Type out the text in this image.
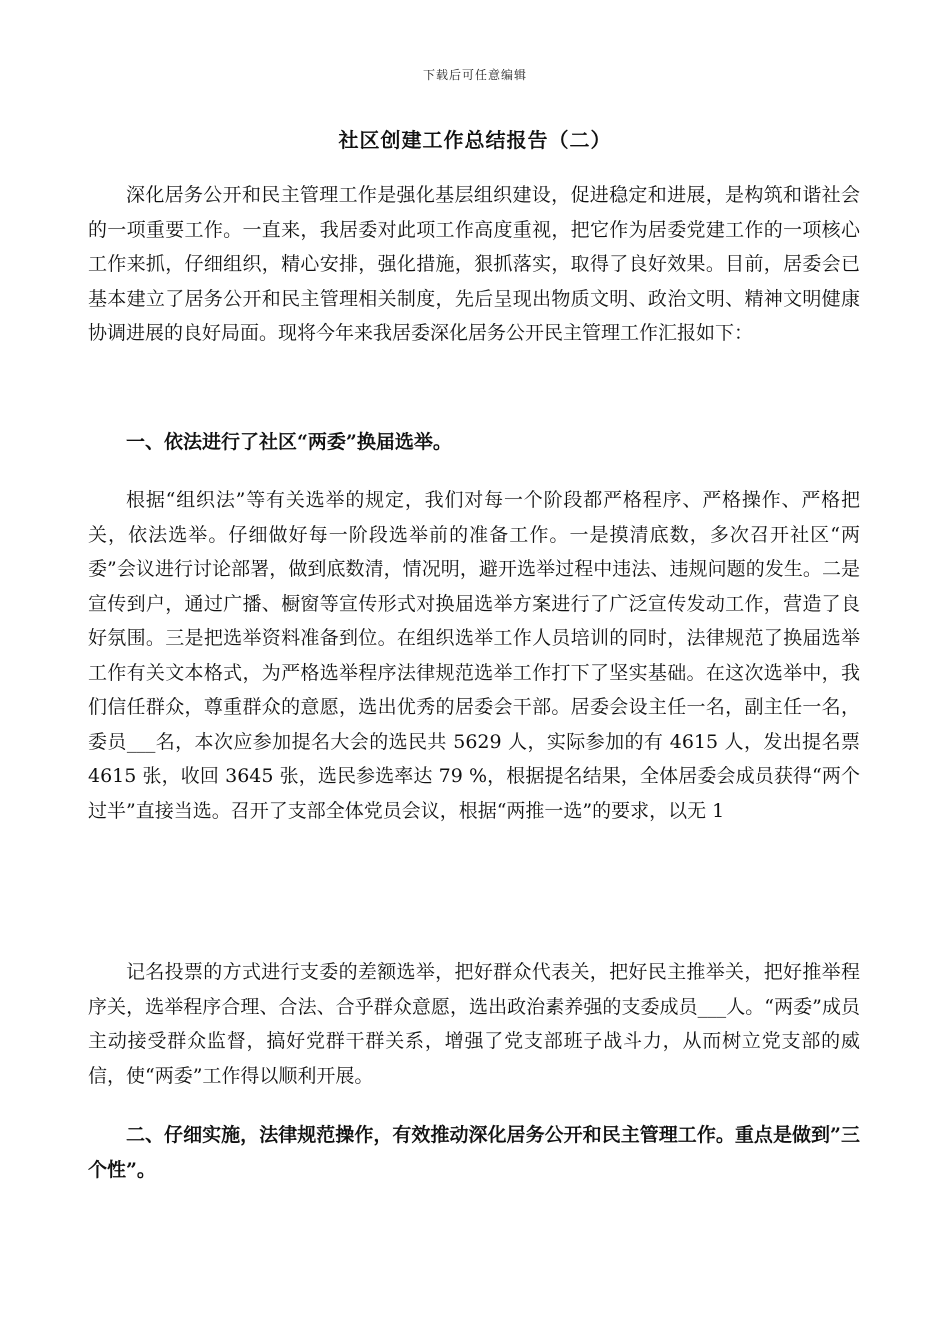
下载后可任意编辑
社区创建工作总结报告（二）

深化居务公开和民主管理工作是强化基层组织建设，促进稳定和进展，是构筑和谐社会的一项重要工作。一直来，我居委对此项工作高度重视，把它作为居委党建工作的一项核心工作来抓，仔细组织，精心安排，强化措施，狠抓落实，取得了良好效果。目前，居委会已基本建立了居务公开和民主管理相关制度，先后呈现出物质文明、政治文明、精神文明健康协调进展的良好局面。现将今年来我居委深化居务公开民主管理工作汇报如下：

一、依法进行了社区“两委”换届选举。

根据“组织法”等有关选举的规定，我们对每一个阶段都严格程序、严格操作、严格把关，依法选举。仔细做好每一阶段选举前的准备工作。一是摸清底数，多次召开社区“两委”会议进行讨论部署，做到底数清，情况明，避开选举过程中违法、违规问题的发生。二是宣传到户，通过广播、橱窗等宣传形式对换届选举方案进行了广泛宣传发动工作，营造了良好氛围。三是把选举资料准备到位。在组织选举工作人员培训的同时，法律规范了换届选举工作有关文本格式，为严格选举程序法律规范选举工作打下了坚实基础。在这次选举中，我们信任群众，尊重群众的意愿，选出优秀的居委会干部。居委会设主任一名，副主任一名，委员___名，本次应参加提名大会的选民共 5629 人，实际参加的有 4615 人，发出提名票 4615 张，收回 3645 张，选民参选率达 79 %，根据提名结果，全体居委会成员获得“两个过半”直接当选。召开了支部全体党员会议，根据“两推一选”的要求，以无 1

记名投票的方式进行支委的差额选举，把好群众代表关，把好民主推举关，把好推举程序关，选举程序合理、合法、合乎群众意愿，选出政治素养强的支委成员___人。“两委”成员主动接受群众监督，搞好党群干群关系，增强了党支部班子战斗力，从而树立党支部的威信，使“两委”工作得以顺利开展。

二、仔细实施，法律规范操作，有效推动深化居务公开和民主管理工作。重点是做到”三个性”。
